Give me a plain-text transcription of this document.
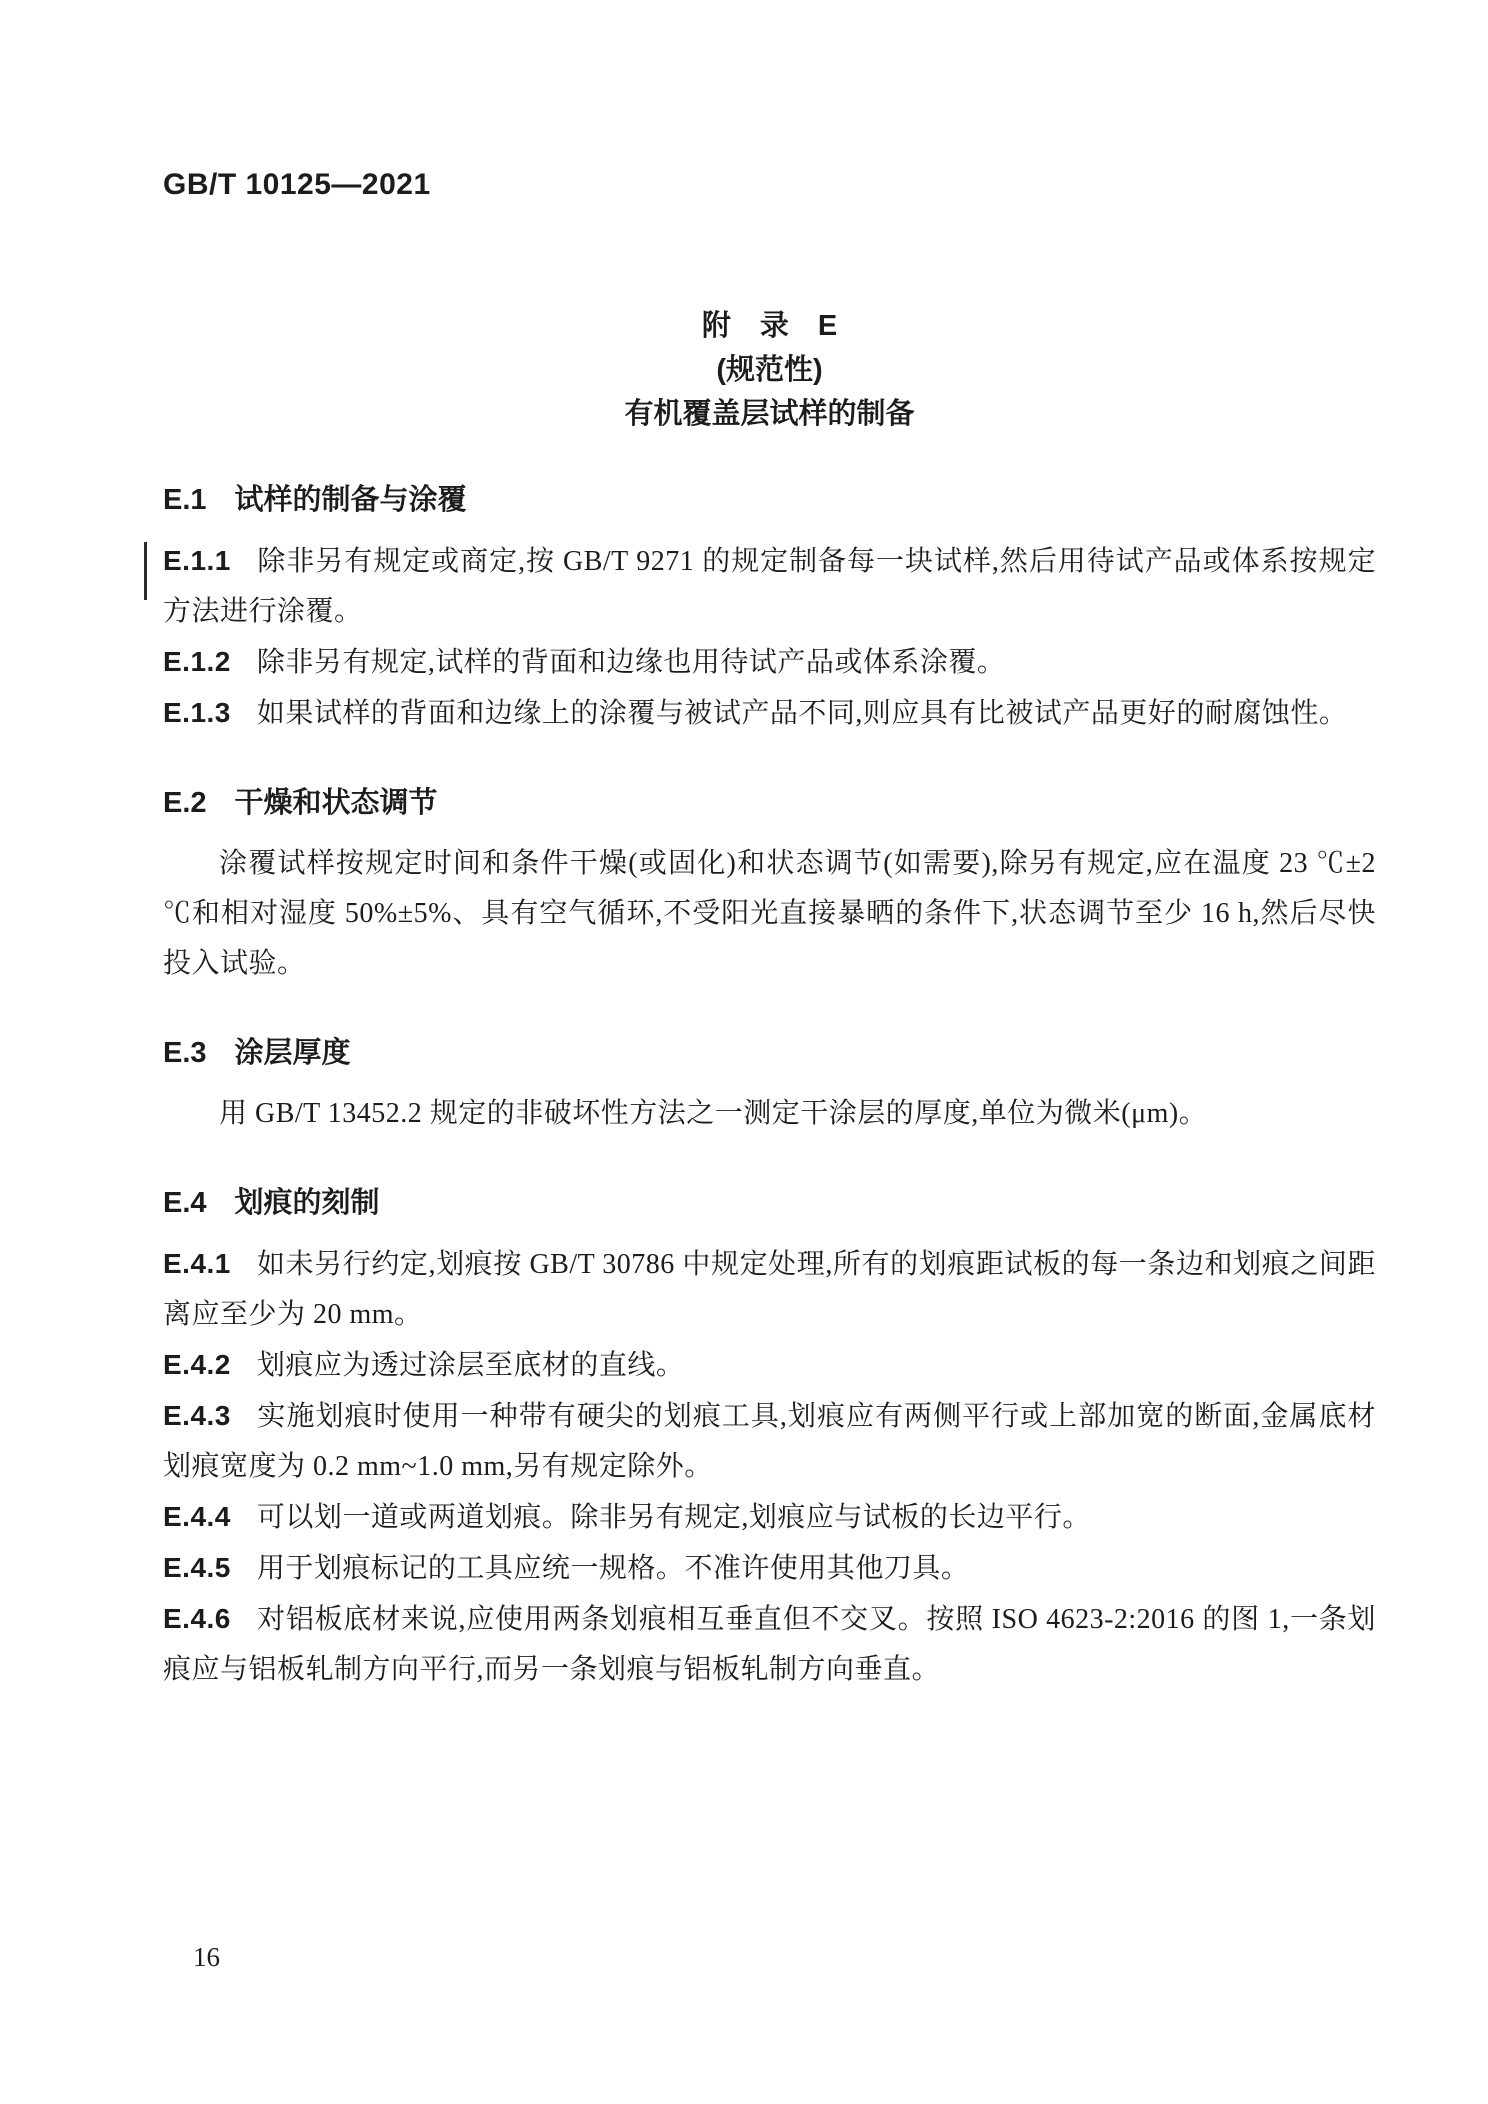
GB/T 10125—2021
附　录　E
(规范性)
有机覆盖层试样的制备
E.1 试样的制备与涂覆

E.1.1 除非另有规定或商定,按 GB/T 9271 的规定制备每一块试样,然后用待试产品或体系按规定方法进行涂覆。

E.1.2 除非另有规定,试样的背面和边缘也用待试产品或体系涂覆。

E.1.3 如果试样的背面和边缘上的涂覆与被试产品不同,则应具有比被试产品更好的耐腐蚀性。

E.2 干燥和状态调节

涂覆试样按规定时间和条件干燥(或固化)和状态调节(如需要),除另有规定,应在温度 23 ℃±2 ℃和相对湿度 50%±5%、具有空气循环,不受阳光直接暴晒的条件下,状态调节至少 16 h,然后尽快投入试验。

E.3 涂层厚度

用 GB/T 13452.2 规定的非破坏性方法之一测定干涂层的厚度,单位为微米(μm)。

E.4 划痕的刻制

E.4.1 如未另行约定,划痕按 GB/T 30786 中规定处理,所有的划痕距试板的每一条边和划痕之间距离应至少为 20 mm。

E.4.2 划痕应为透过涂层至底材的直线。

E.4.3 实施划痕时使用一种带有硬尖的划痕工具,划痕应有两侧平行或上部加宽的断面,金属底材划痕宽度为 0.2 mm~1.0 mm,另有规定除外。

E.4.4 可以划一道或两道划痕。除非另有规定,划痕应与试板的长边平行。

E.4.5 用于划痕标记的工具应统一规格。不准许使用其他刀具。

E.4.6 对铝板底材来说,应使用两条划痕相互垂直但不交叉。按照 ISO 4623-2:2016 的图 1,一条划痕应与铝板轧制方向平行,而另一条划痕与铝板轧制方向垂直。

16
